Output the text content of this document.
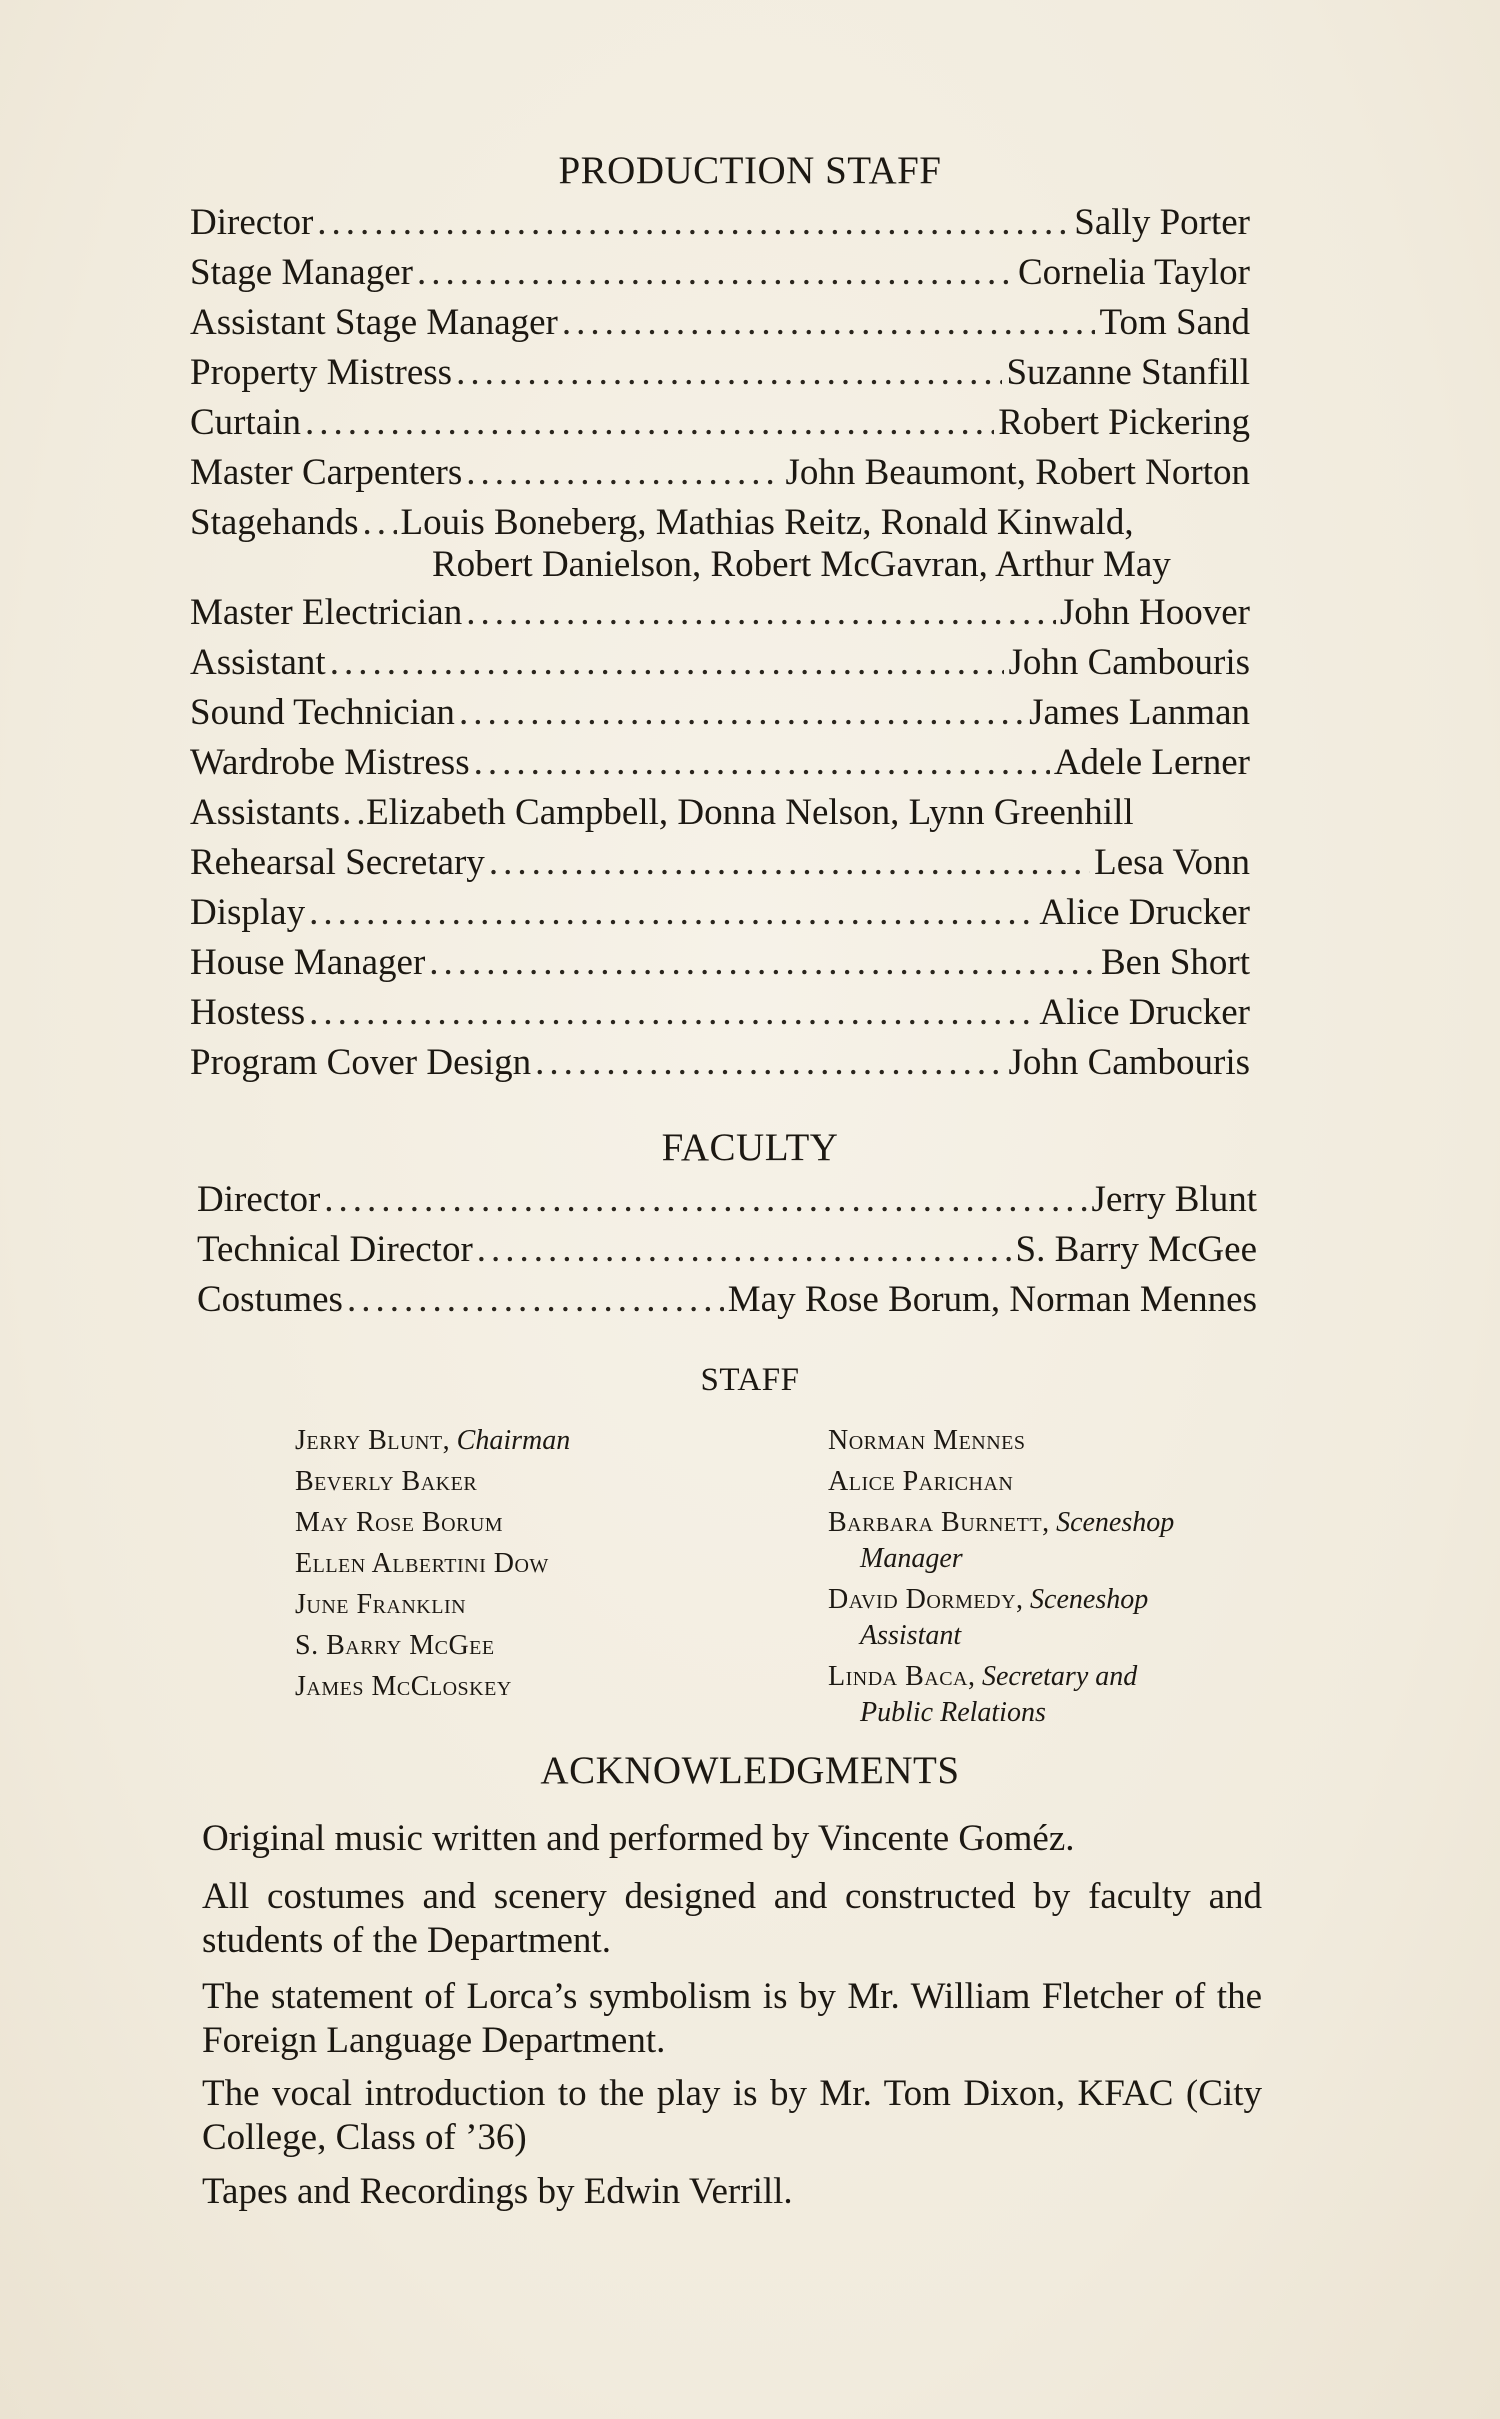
PRODUCTION STAFF
Director .....	Sally Porter
Stage Manager .....	Cornelia Taylor
Assistant Stage Manager .....	Tom Sand
Property Mistress .....	Suzanne Stanfill
Curtain .....	Robert Pickering
Master Carpenters .....	John Beaumont, Robert Norton
Stagehands ..... Louis Boneberg, Mathias Reitz, Ronald Kinwald,
Robert Danielson, Robert McGavran, Arthur May
Master Electrician .....	John Hoover
Assistant .....	John Cambouris
Sound Technician .....	James Lanman
Wardrobe Mistress .....	Adele Lerner
Assistants ..... Elizabeth Campbell, Donna Nelson, Lynn Greenhill
Rehearsal Secretary .....	Lesa Vonn
Display .....	Alice Drucker
House Manager .....	Ben Short
Hostess .....	Alice Drucker
Program Cover Design .....	John Cambouris
FACULTY
Director .....	Jerry Blunt
Technical Director .....	S. Barry McGee
Costumes .....	May Rose Borum, Norman Mennes
STAFF
Jerry Blunt, Chairman
Beverly Baker
May Rose Borum
Ellen Albertini Dow
June Franklin
S. Barry McGee
James McCloskey
Norman Mennes
Alice Parichan
Barbara Burnett, Sceneshop
Manager
David Dormedy, Sceneshop
Assistant
Linda Baca, Secretary and
Public Relations
ACKNOWLEDGMENTS
Original music written and performed by Vincente Goméz.
All costumes and scenery designed and constructed by faculty and students of the Department.
The statement of Lorca’s symbolism is by Mr. William Fletcher of the Foreign Language Department.
The vocal introduction to the play is by Mr. Tom Dixon, KFAC (City College, Class of ’36)
Tapes and Recordings by Edwin Verrill.
